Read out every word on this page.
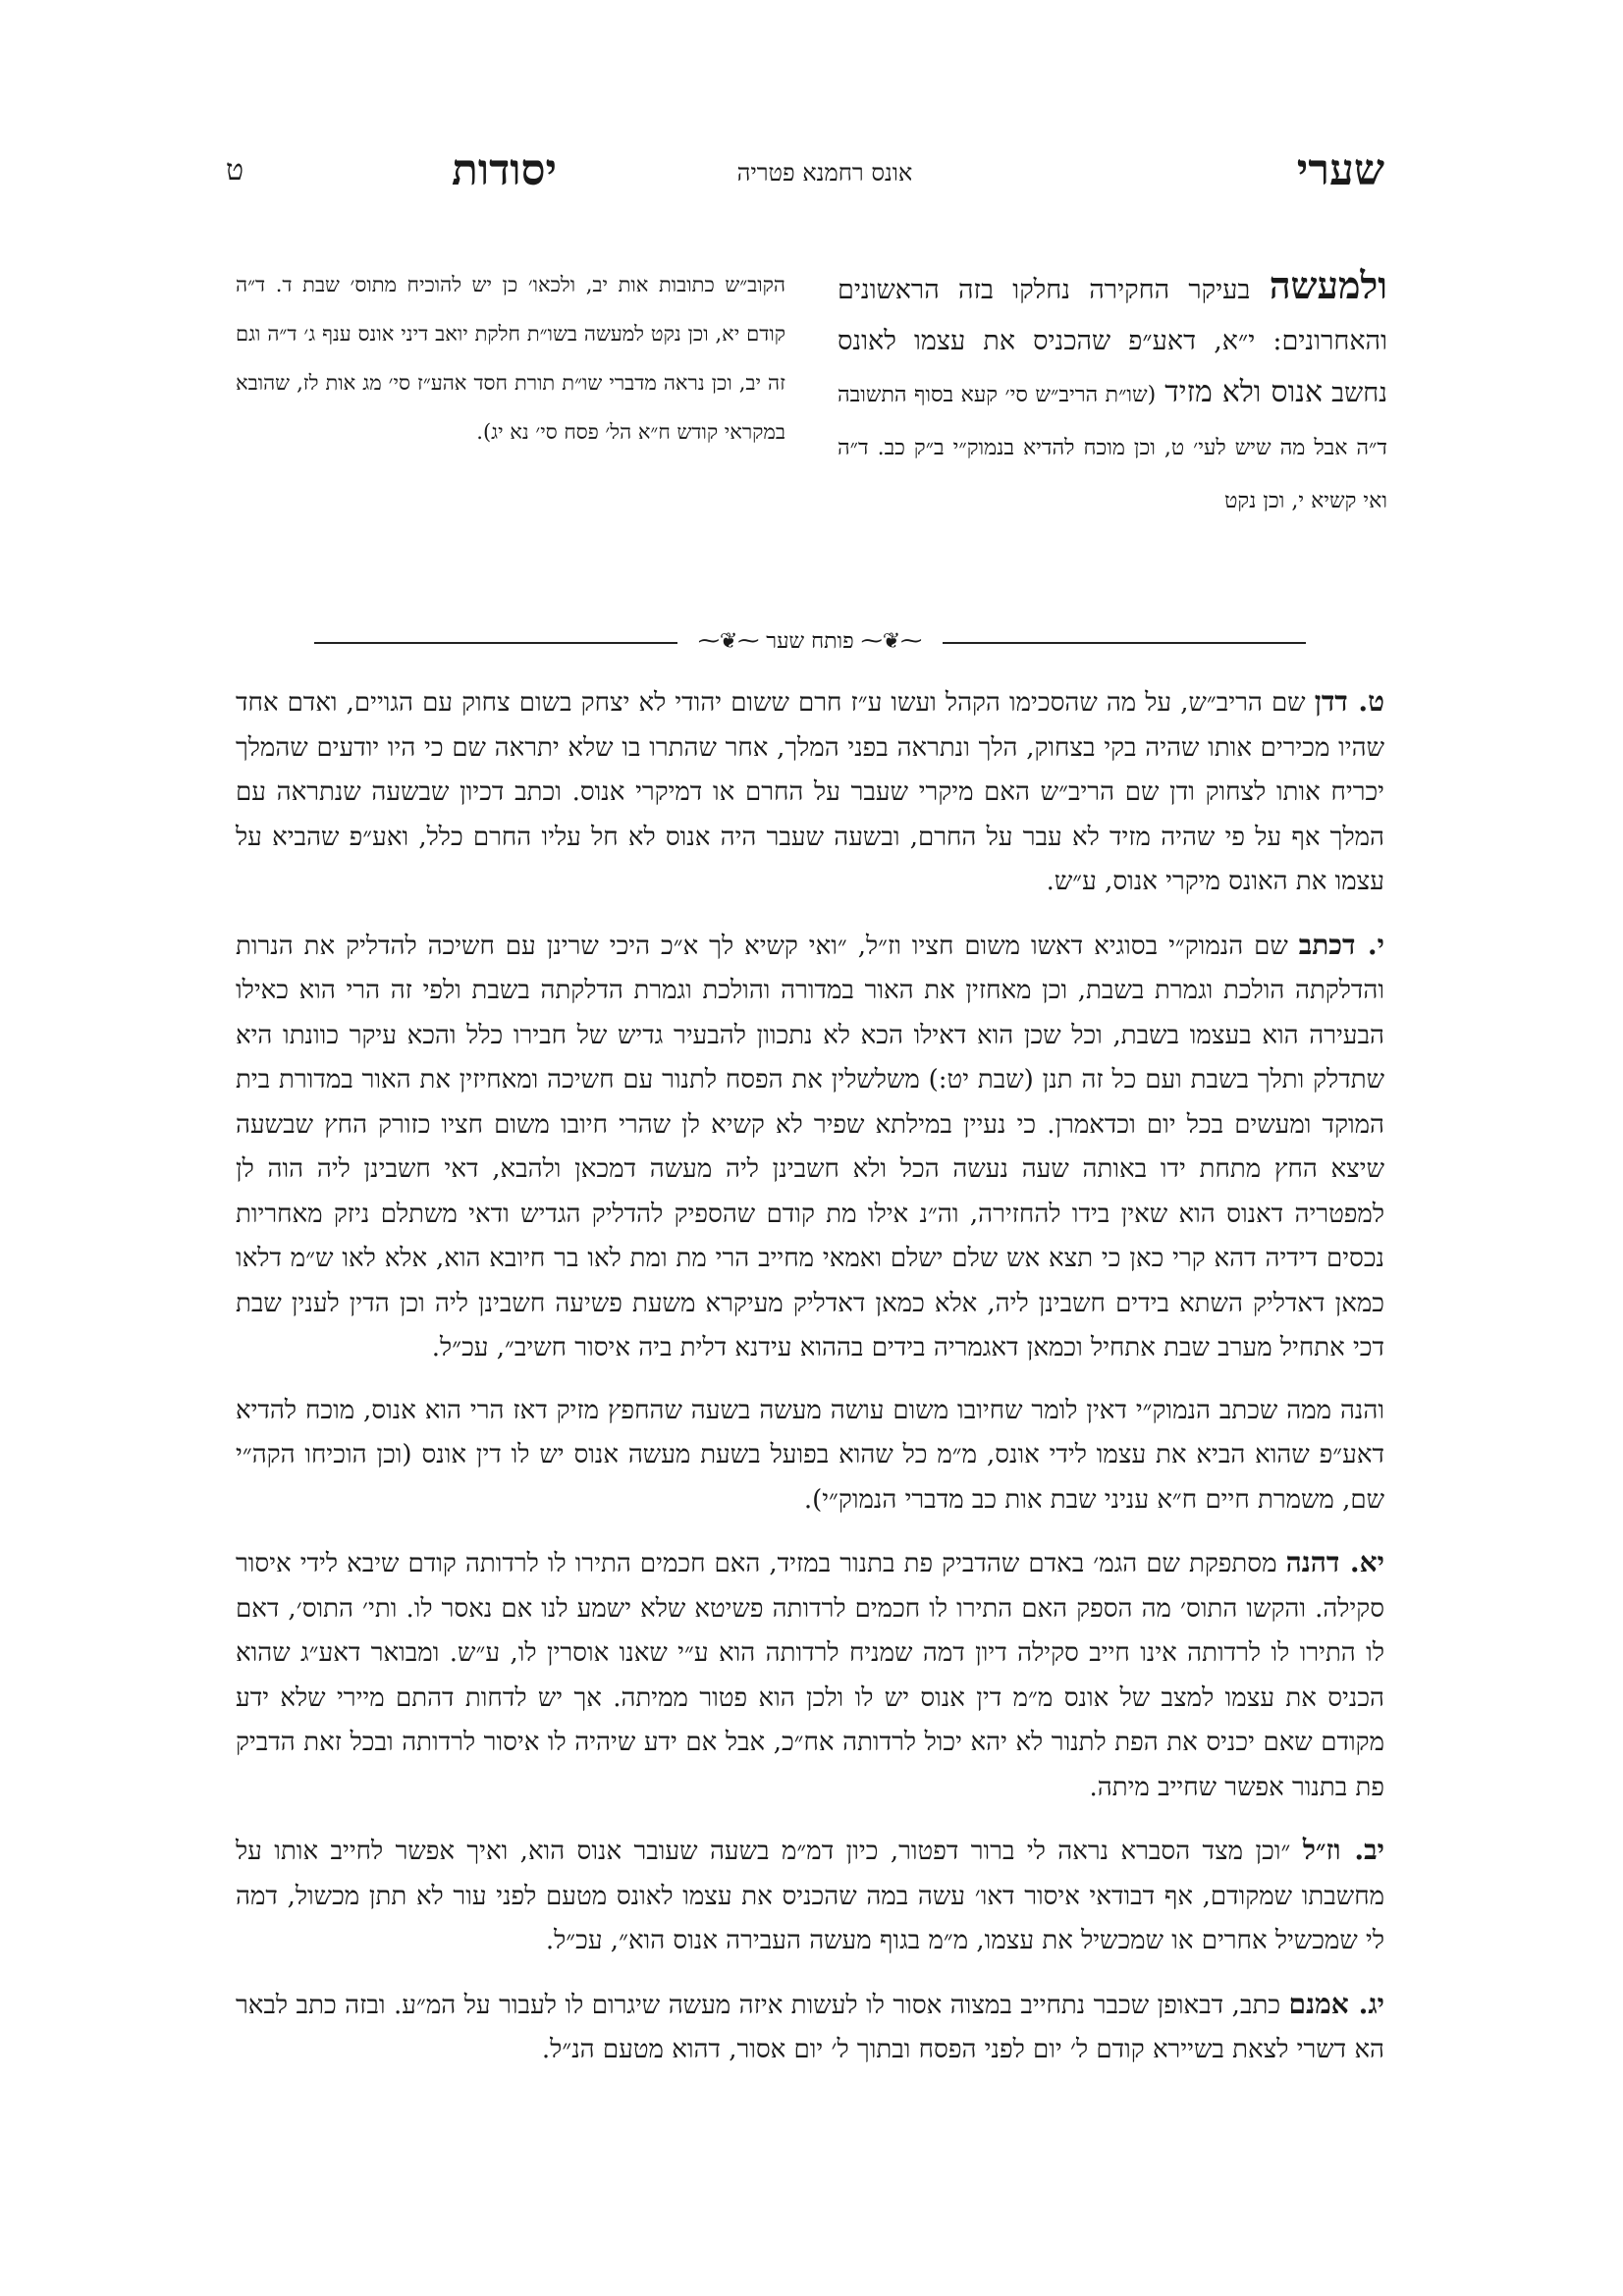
שערי
אונס רחמנא פטריה
יסודות
ט

ולמעשה בעיקר החקירה נחלקו בזה הראשונים והאחרונים: י״א, דאע״פ שהכניס את עצמו לאונס נחשב אנוס ולא מזיד (שו״ת הריב״ש סי׳ קעא בסוף התשובה ד״ה אבל מה שיש לעי׳ ט, וכן מוכח להדיא בנמוק״י ב״ק כב. ד״ה ואי קשיא י, וכן נקט

הקוב״ש כתובות אות יב, ולכאו׳ כן יש להוכיח מתוס׳ שבת ד. ד״ה קודם יא, וכן נקט למעשה בשו״ת חלקת יואב דיני אונס ענף ג׳ ד״ה וגם זה יב, וכן נראה מדברי שו״ת תורת חסד אהע״ז סי׳ מג אות לז, שהובא במקראי קודש ח״א הל׳ פסח סי׳ נא יג).

⁓❦⁓ פותח שער ⁓❦⁓

ט. דדן שם הריב״ש, על מה שהסכימו הקהל ועשו ע״ז חרם ששום יהודי לא יצחק בשום צחוק עם הגויים, ואדם אחד שהיו מכירים אותו שהיה בקי בצחוק, הלך ונתראה בפני המלך, אחר שהתרו בו שלא יתראה שם כי היו יודעים שהמלך יכריח אותו לצחוק ודן שם הריב״ש האם מיקרי שעבר על החרם או דמיקרי אנוס. וכתב דכיון שבשעה שנתראה עם המלך אף על פי שהיה מזיד לא עבר על החרם, ובשעה שעבר היה אנוס לא חל עליו החרם כלל, ואע״פ שהביא על עצמו את האונס מיקרי אנוס, ע״ש.

י. דכתב שם הנמוק״י בסוגיא דאשו משום חציו וז״ל, ״ואי קשיא לך א״כ היכי שרינן עם חשיכה להדליק את הנרות והדלקתה הולכת וגמרת בשבת, וכן מאחזין את האור במדורה והולכת וגמרת הדלקתה בשבת ולפי זה הרי הוא כאילו הבעירה הוא בעצמו בשבת, וכל שכן הוא דאילו הכא לא נתכוון להבעיר גדיש של חבירו כלל והכא עיקר כוונתו היא שתדלק ותלך בשבת ועם כל זה תנן (שבת יט:) משלשלין את הפסח לתנור עם חשיכה ומאחיזין את האור במדורת בית המוקד ומעשים בכל יום וכדאמרן. כי נעיין במילתא שפיר לא קשיא לן שהרי חיובו משום חציו כזורק החץ שבשעה שיצא החץ מתחת ידו באותה שעה נעשה הכל ולא חשבינן ליה מעשה דמכאן ולהבא, דאי חשבינן ליה הוה לן למפטריה דאנוס הוא שאין בידו להחזירה, וה״נ אילו מת קודם שהספיק להדליק הגדיש ודאי משתלם ניזק מאחריות נכסים דידיה דהא קרי כאן כי תצא אש שלם ישלם ואמאי מחייב הרי מת ומת לאו בר חיובא הוא, אלא לאו ש״מ דלאו כמאן דאדליק השתא בידים חשבינן ליה, אלא כמאן דאדליק מעיקרא משעת פשיעה חשבינן ליה וכן הדין לענין שבת דכי אתחיל מערב שבת אתחיל וכמאן דאגמריה בידים בההוא עידנא דלית ביה איסור חשיב״, עכ״ל.

והנה ממה שכתב הנמוק״י דאין לומר שחיובו משום עושה מעשה בשעה שהחפץ מזיק דאז הרי הוא אנוס, מוכח להדיא דאע״פ שהוא הביא את עצמו לידי אונס, מ״מ כל שהוא בפועל בשעת מעשה אנוס יש לו דין אונס (וכן הוכיחו הקה״י שם, משמרת חיים ח״א עניני שבת אות כב מדברי הנמוק״י).

יא. דהנה מסתפקת שם הגמ׳ באדם שהדביק פת בתנור במזיד, האם חכמים התירו לו לרדותה קודם שיבא לידי איסור סקילה. והקשו התוס׳ מה הספק האם התירו לו חכמים לרדותה פשיטא שלא ישמע לנו אם נאסר לו. ותי׳ התוס׳, דאם לו התירו לו לרדותה אינו חייב סקילה דיון דמה שמניח לרדותה הוא ע״י שאנו אוסרין לו, ע״ש. ומבואר דאע״ג שהוא הכניס את עצמו למצב של אונס מ״מ דין אנוס יש לו ולכן הוא פטור ממיתה. אך יש לדחות דהתם מיירי שלא ידע מקודם שאם יכניס את הפת לתנור לא יהא יכול לרדותה אח״כ, אבל אם ידע שיהיה לו איסור לרדותה ובכל זאת הדביק פת בתנור אפשר שחייב מיתה.

יב. וז״ל ״וכן מצד הסברא נראה לי ברור דפטור, כיון דמ״מ בשעה שעובר אנוס הוא, ואיך אפשר לחייב אותו על מחשבתו שמקודם, אף דבודאי איסור דאו׳ עשה במה שהכניס את עצמו לאונס מטעם לפני עור לא תתן מכשול, דמה לי שמכשיל אחרים או שמכשיל את עצמו, מ״מ בגוף מעשה העבירה אנוס הוא״, עכ״ל.

יג. אמנם כתב, דבאופן שכבר נתחייב במצוה אסור לו לעשות איזה מעשה שיגרום לו לעבור על המ״ע. ובזה כתב לבאר הא דשרי לצאת בשיירא קודם ל׳ יום לפני הפסח ובתוך ל׳ יום אסור, דהוא מטעם הנ״ל.
